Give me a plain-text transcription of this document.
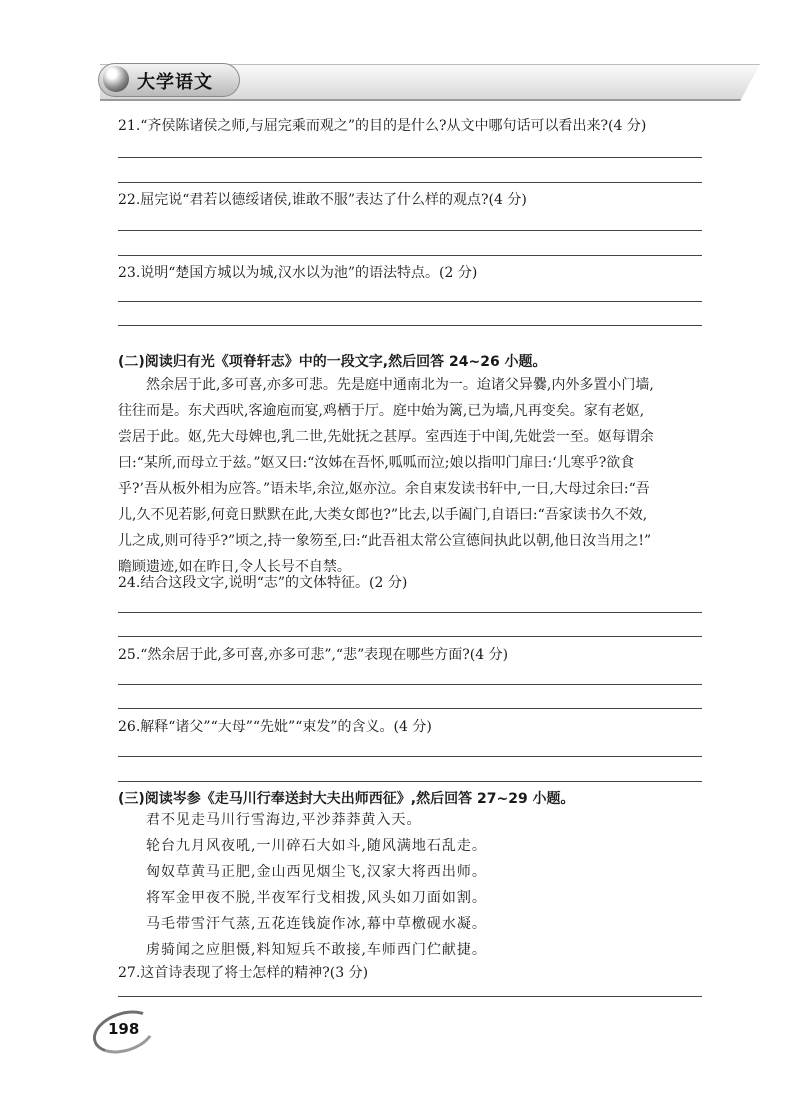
大学语文
21.“齐侯陈诸侯之师,与屈完乘而观之”的目的是什么?从文中哪句话可以看出来?(4 分)
22.屈完说“君若以德绥诸侯,谁敢不服”表达了什么样的观点?(4 分)
23.说明“楚国方城以为城,汉水以为池”的语法特点。(2 分)
(二)阅读归有光《项脊轩志》中的一段文字,然后回答 24~26 小题。
然余居于此,多可喜,亦多可悲。先是庭中通南北为一。迨诸父异爨,内外多置小门墙,
往往而是。东犬西吠,客逾庖而宴,鸡栖于厅。庭中始为篱,已为墙,凡再变矣。家有老妪,
尝居于此。妪,先大母婢也,乳二世,先妣抚之甚厚。室西连于中闺,先妣尝一至。妪每谓余
曰:“某所,而母立于兹。”妪又曰:“汝姊在吾怀,呱呱而泣;娘以指叩门扉曰:‘儿寒乎?欲食
乎?’吾从板外相为应答。”语未毕,余泣,妪亦泣。余自束发读书轩中,一日,大母过余曰:“吾
儿,久不见若影,何竟日默默在此,大类女郎也?”比去,以手阖门,自语曰:“吾家读书久不效,
儿之成,则可待乎?”顷之,持一象笏至,曰:“此吾祖太常公宣德间执此以朝,他日汝当用之!”
瞻顾遗迹,如在昨日,令人长号不自禁。
24.结合这段文字,说明“志”的文体特征。(2 分)
25.“然余居于此,多可喜,亦多可悲”,“悲”表现在哪些方面?(4 分)
26.解释“诸父”“大母”“先妣”“束发”的含义。(4 分)
(三)阅读岑参《走马川行奉送封大夫出师西征》,然后回答 27~29 小题。
君不见走马川行雪海边,平沙莽莽黄入天。
轮台九月风夜吼,一川碎石大如斗,随风满地石乱走。
匈奴草黄马正肥,金山西见烟尘飞,汉家大将西出师。
将军金甲夜不脱,半夜军行戈相拨,风头如刀面如割。
马毛带雪汗气蒸,五花连钱旋作冰,幕中草檄砚水凝。
虏骑闻之应胆慑,料知短兵不敢接,车师西门伫献捷。
27.这首诗表现了将士怎样的精神?(3 分)
198
